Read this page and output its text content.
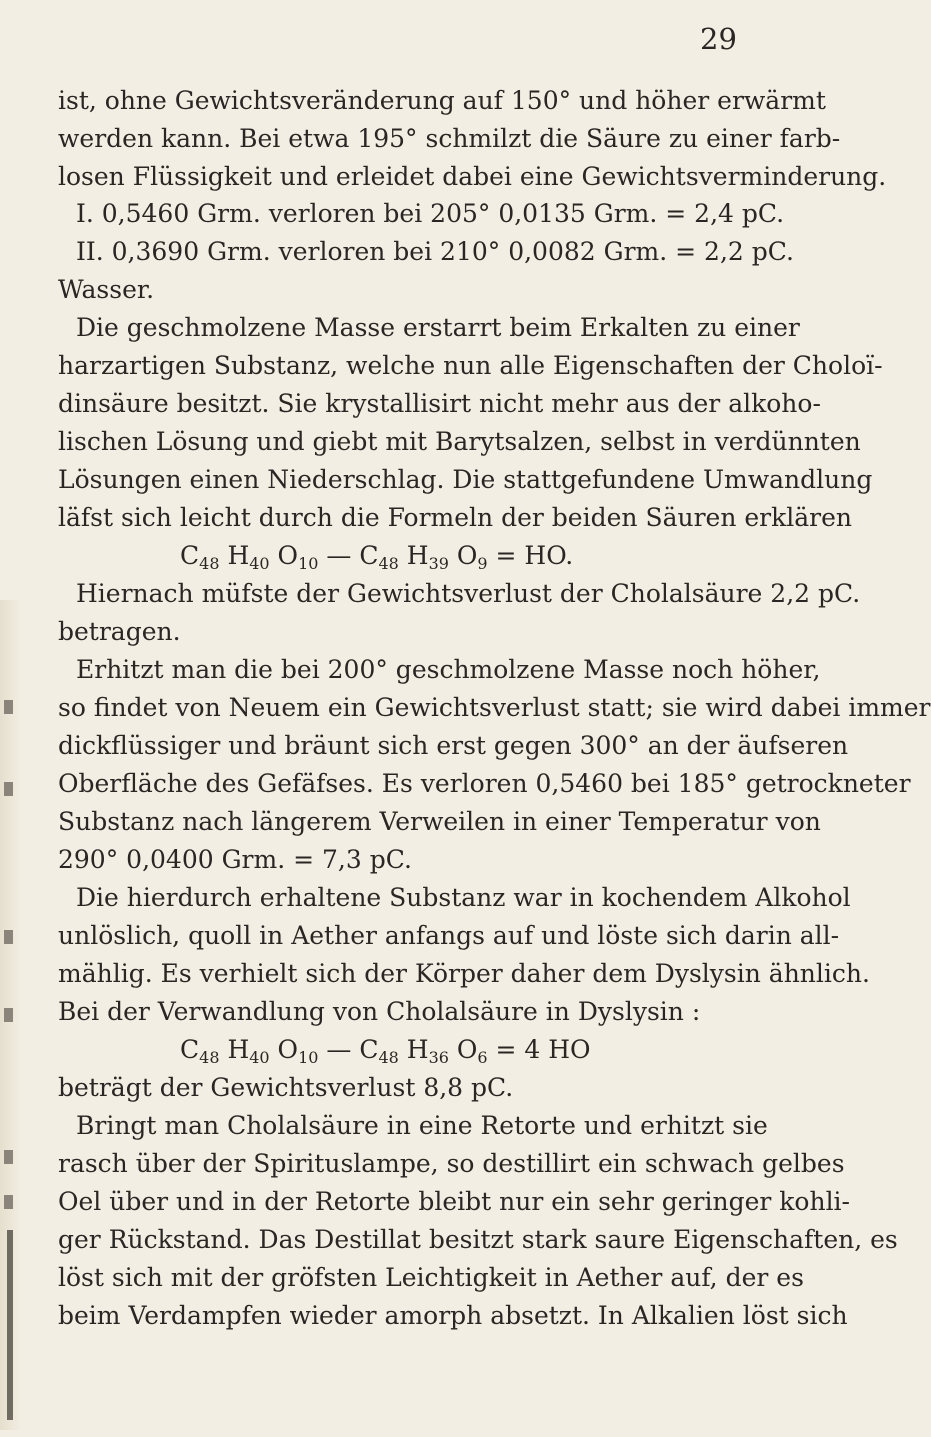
29
ist, ohne Gewichtsveränderung auf 150° und höher erwärmt
werden kann. Bei etwa 195° schmilzt die Säure zu einer farb-
losen Flüssigkeit und erleidet dabei eine Gewichtsverminderung.
I. 0,5460 Grm. verloren bei 205° 0,0135 Grm. = 2,4 pC.
II. 0,3690 Grm. verloren bei 210° 0,0082 Grm. = 2,2 pC.
Wasser.
Die geschmolzene Masse erstarrt beim Erkalten zu einer
harzartigen Substanz, welche nun alle Eigenschaften der Choloï-
dinsäure besitzt. Sie krystallisirt nicht mehr aus der alkoho-
lischen Lösung und giebt mit Barytsalzen, selbst in verdünnten
Lösungen einen Niederschlag. Die stattgefundene Umwandlung
läfst sich leicht durch die Formeln der beiden Säuren erklären
$C_{48}$ $H_{40}$ $O_{10}$ — $C_{48}$ $H_{39}$ $O_9$ = HO.
Hiernach müfste der Gewichtsverlust der Cholalsäure 2,2 pC.
betragen.
Erhitzt man die bei 200° geschmolzene Masse noch höher,
so findet von Neuem ein Gewichtsverlust statt; sie wird dabei immer
dickflüssiger und bräunt sich erst gegen 300° an der äufseren
Oberfläche des Gefäfses. Es verloren 0,5460 bei 185° getrockneter
Substanz nach längerem Verweilen in einer Temperatur von
290° 0,0400 Grm. = 7,3 pC.
Die hierdurch erhaltene Substanz war in kochendem Alkohol
unlöslich, quoll in Aether anfangs auf und löste sich darin all-
mählig. Es verhielt sich der Körper daher dem Dyslysin ähnlich.
Bei der Verwandlung von Cholalsäure in Dyslysin :
$C_{48}$ $H_{40}$ $O_{10}$ — $C_{48}$ $H_{36}$ $O_6 = 4$ HO
beträgt der Gewichtsverlust 8,8 pC.
Bringt man Cholalsäure in eine Retorte und erhitzt sie
rasch über der Spirituslampe, so destillirt ein schwach gelbes
Oel über und in der Retorte bleibt nur ein sehr geringer kohli-
ger Rückstand. Das Destillat besitzt stark saure Eigenschaften, es
löst sich mit der gröfsten Leichtigkeit in Aether auf, der es
beim Verdampfen wieder amorph absetzt. In Alkalien löst sich
